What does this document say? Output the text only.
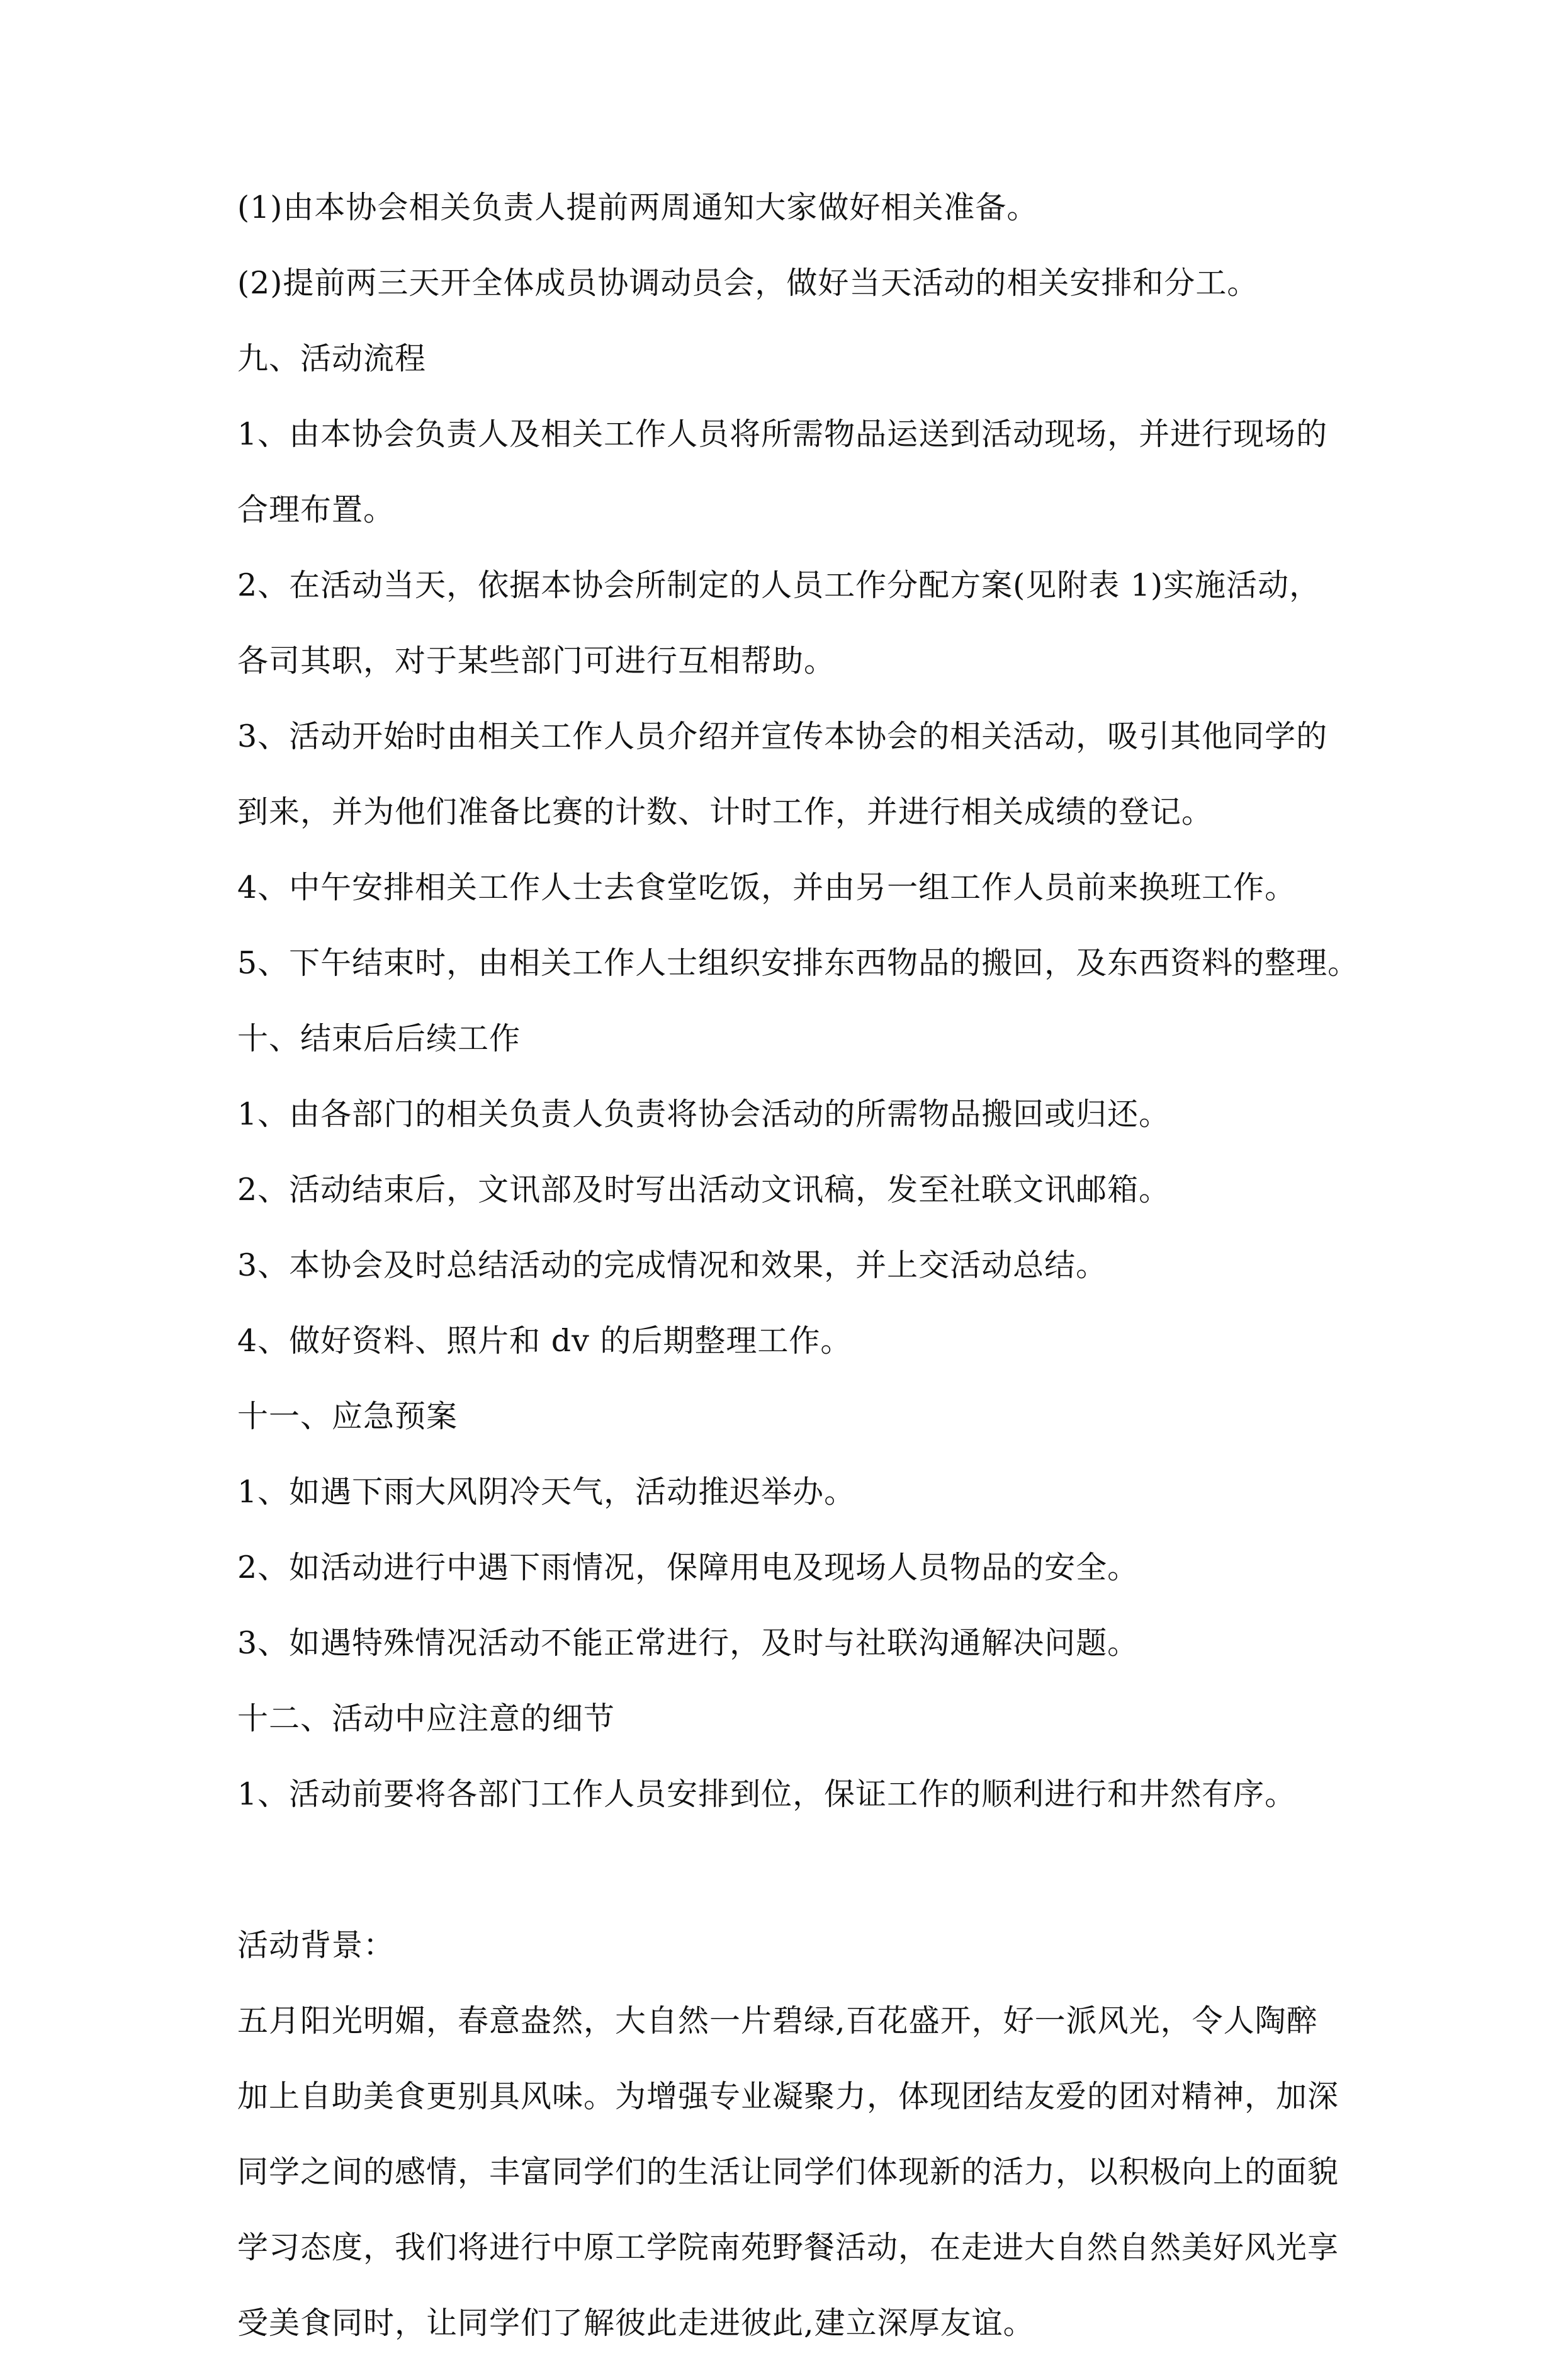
(1)由本协会相关负责人提前两周通知大家做好相关准备。
(2)提前两三天开全体成员协调动员会，做好当天活动的相关安排和分工。
九、活动流程
1、由本协会负责人及相关工作人员将所需物品运送到活动现场，并进行现场的
合理布置。
2、在活动当天，依据本协会所制定的人员工作分配方案(见附表 1)实施活动，
各司其职，对于某些部门可进行互相帮助。
3、活动开始时由相关工作人员介绍并宣传本协会的相关活动，吸引其他同学的
到来，并为他们准备比赛的计数、计时工作，并进行相关成绩的登记。
4、中午安排相关工作人士去食堂吃饭，并由另一组工作人员前来换班工作。
5、下午结束时，由相关工作人士组织安排东西物品的搬回，及东西资料的整理。
十、结束后后续工作
1、由各部门的相关负责人负责将协会活动的所需物品搬回或归还。
2、活动结束后，文讯部及时写出活动文讯稿，发至社联文讯邮箱。
3、本协会及时总结活动的完成情况和效果，并上交活动总结。
4、做好资料、照片和 dv 的后期整理工作。
十一、应急预案
1、如遇下雨大风阴冷天气，活动推迟举办。
2、如活动进行中遇下雨情况，保障用电及现场人员物品的安全。
3、如遇特殊情况活动不能正常进行，及时与社联沟通解决问题。
十二、活动中应注意的细节
1、活动前要将各部门工作人员安排到位，保证工作的顺利进行和井然有序。
活动背景：
五月阳光明媚，春意盎然，大自然一片碧绿,百花盛开，好一派风光，令人陶醉
加上自助美食更别具风味。为增强专业凝聚力，体现团结友爱的团对精神，加深
同学之间的感情，丰富同学们的生活让同学们体现新的活力，以积极向上的面貌
学习态度，我们将进行中原工学院南苑野餐活动，在走进大自然自然美好风光享
受美食同时，让同学们了解彼此走进彼此,建立深厚友谊。
